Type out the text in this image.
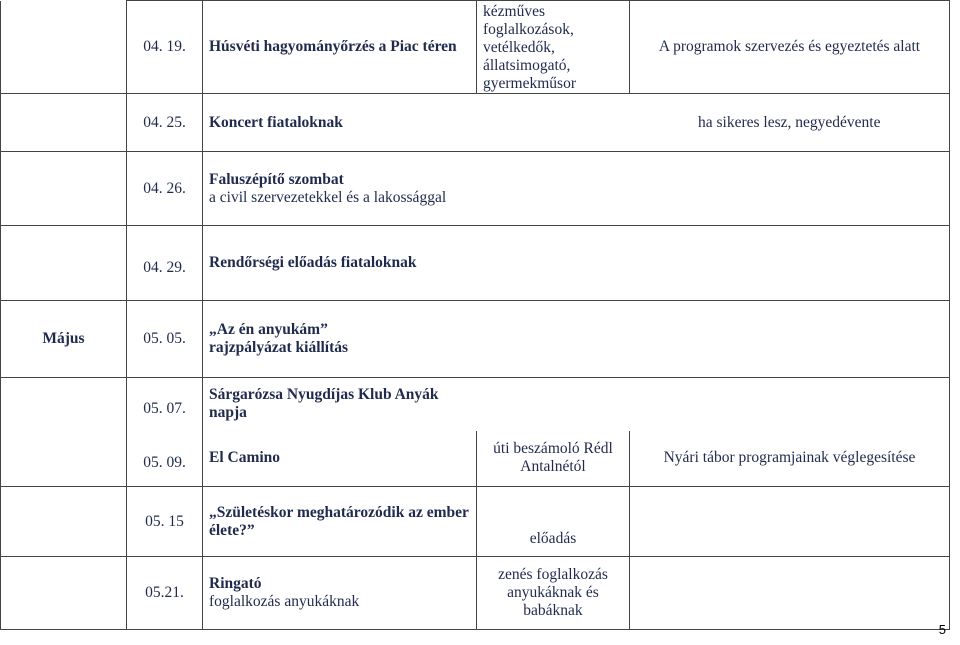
	04. 19.	Húsvéti hagyományőrzés a Piac téren	kézműves foglalkozások, vetélkedők, állatsimogató, gyermekműsor	A programok szervezés és egyeztetés alatt
	04. 25.	Koncert fiataloknak		ha sikeres lesz, negyedévente
	04. 26.	Faluszépítő szombat
a civil szervezetekkel és a lakossággal		

	04. 29.	Rendőrségi előadás fiataloknak		

Május	05. 05.	„Az én anyukám”
rajzpályázat kiállítás		

	05. 07.	Sárgarózsa Nyugdíjas Klub Anyák napja		

	05. 09.	El Camino	úti beszámoló Rédl Antalnétól	Nyári tábor programjainak véglegesítése
	05. 15	„Születéskor meghatározódik az ember élete?”	előadás	
	05.21.	Ringató
foglalkozás anyukáknak	zenés foglalkozás anyukáknak és babáknak	
5
